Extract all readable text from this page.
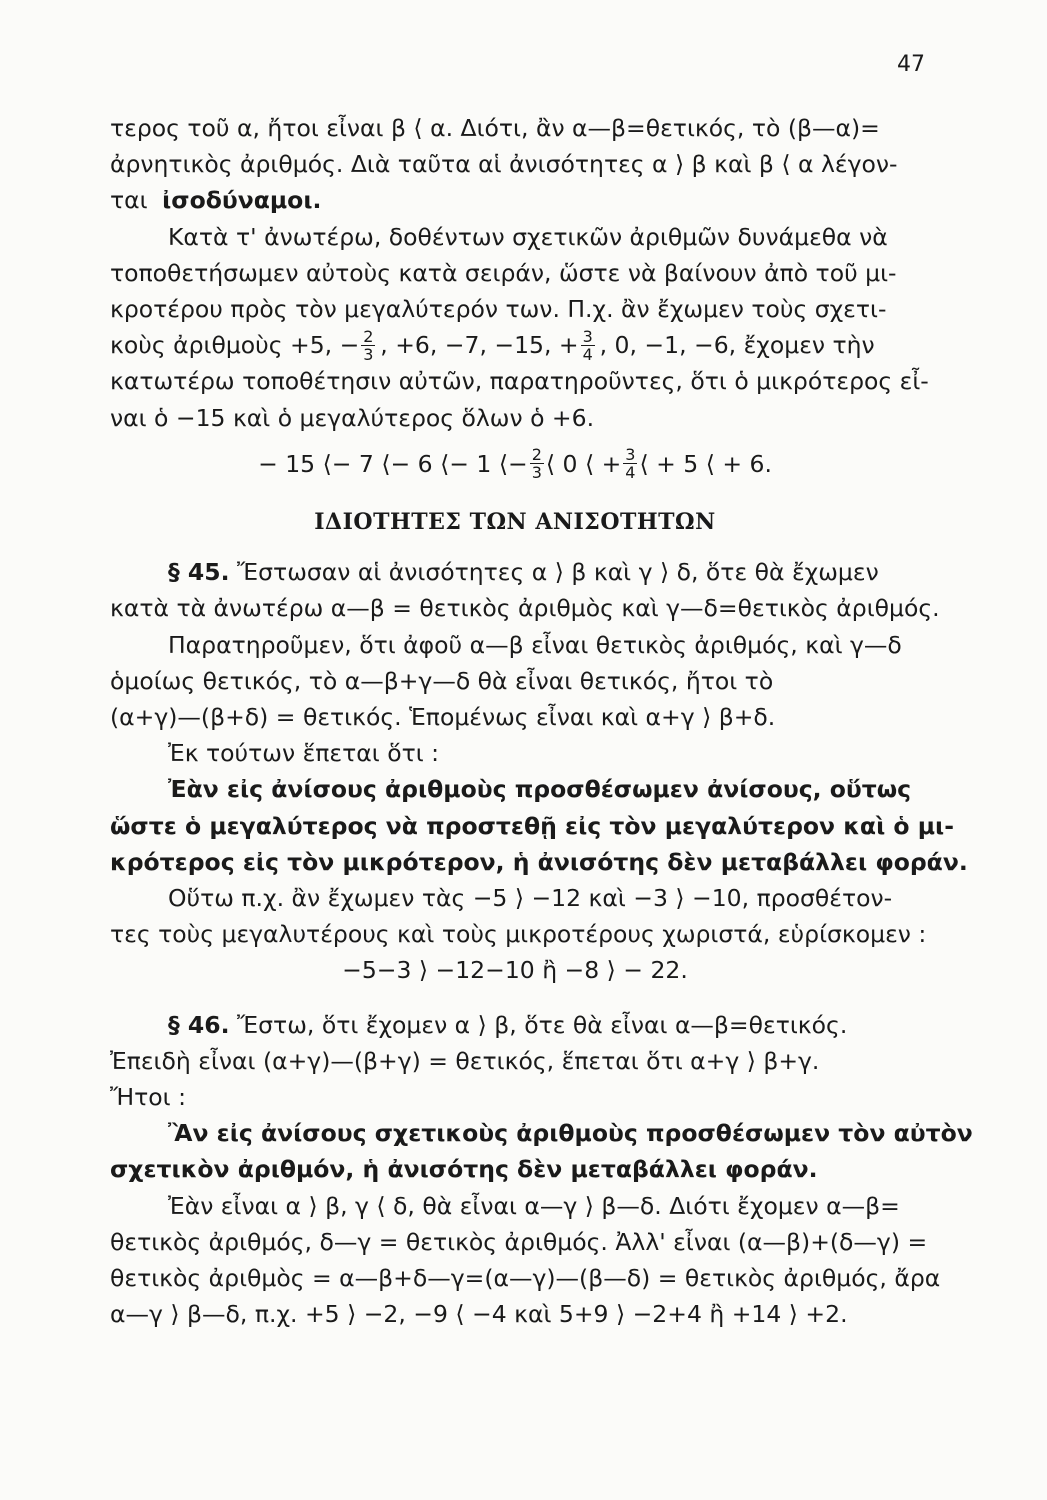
47
τερος τοῦ α, ἤτοι εἶναι β ⟨ α. Διότι, ἂν α—β=θετικός, τὸ (β—α)=
ἀρνητικὸς ἀριθμός. Διὰ ταῦτα αἱ ἀνισότητες α ⟩ β καὶ β ⟨ α λέγον-
ται ἰσοδύναμοι.
Κατὰ τ' ἀνωτέρω, δοθέντων σχετικῶν ἀριθμῶν δυνάμεθα νὰ
τοποθετήσωμεν αὐτοὺς κατὰ σειράν, ὥστε νὰ βαίνουν ἀπὸ τοῦ μι-
κροτέρου πρὸς τὸν μεγαλύτερόν των. Π.χ. ἂν ἔχωμεν τοὺς σχετι-
κοὺς ἀριθμοὺς +5, − $\frac{2}{3}$ , +6, −7, −15, + $\frac{3}{4}$ , 0, −1, −6, ἔχομεν τὴν
κατωτέρω τοποθέτησιν αὐτῶν, παρατηροῦντες, ὅτι ὁ μικρότερος εἶ-
ναι ὁ −15 καὶ ὁ μεγαλύτερος ὅλων ὁ +6.
− 15 ⟨− 7 ⟨− 6 ⟨− 1 ⟨− $\frac{2}{3}$ ⟨ 0 ⟨ + $\frac{3}{4}$ ⟨ + 5 ⟨ + 6.
ΙΔΙΟΤΗΤΕΣ ΤΩΝ ΑΝΙΣΟΤΗΤΩΝ
§ 45. Ἔστωσαν αἱ ἀνισότητες α ⟩ β καὶ γ ⟩ δ, ὅτε θὰ ἔχωμεν
κατὰ τὰ ἀνωτέρω α—β = θετικὸς ἀριθμὸς καὶ γ—δ=θετικὸς ἀριθμός.
Παρατηροῦμεν, ὅτι ἀφοῦ α—β εἶναι θετικὸς ἀριθμός, καὶ γ—δ
ὁμοίως θετικός, τὸ α—β+γ—δ θὰ εἶναι θετικός, ἤτοι τὸ
(α+γ)—(β+δ) = θετικός. Ἑπομένως εἶναι καὶ α+γ ⟩ β+δ.
Ἐκ τούτων ἕπεται ὅτι :
Ἐὰν εἰς ἀνίσους ἀριθμοὺς προσθέσωμεν ἀνίσους, οὕτως
ὥστε ὁ μεγαλύτερος νὰ προστεθῇ εἰς τὸν μεγαλύτερον καὶ ὁ μι-
κρότερος εἰς τὸν μικρότερον, ἡ ἀνισότης δὲν μεταβάλλει φοράν.
Οὕτω π.χ. ἂν ἔχωμεν τὰς −5 ⟩ −12 καὶ −3 ⟩ −10, προσθέτον-
τες τοὺς μεγαλυτέρους καὶ τοὺς μικροτέρους χωριστά, εὑρίσκομεν :
−5−3 ⟩ −12−10 ἢ −8 ⟩ − 22.
§ 46. Ἔστω, ὅτι ἔχομεν α ⟩ β, ὅτε θὰ εἶναι α—β=θετικός.
Ἐπειδὴ εἶναι (α+γ)—(β+γ) = θετικός, ἕπεται ὅτι α+γ ⟩ β+γ.
Ἤτοι :
Ἂν εἰς ἀνίσους σχετικοὺς ἀριθμοὺς προσθέσωμεν τὸν αὐτὸν
σχετικὸν ἀριθμόν, ἡ ἀνισότης δὲν μεταβάλλει φοράν.
Ἐὰν εἶναι α ⟩ β, γ ⟨ δ, θὰ εἶναι α—γ ⟩ β—δ. Διότι ἔχομεν α—β=
θετικὸς ἀριθμός, δ—γ = θετικὸς ἀριθμός. Ἀλλ' εἶναι (α—β)+(δ—γ) =
θετικὸς ἀριθμὸς = α—β+δ—γ=(α—γ)—(β—δ) = θετικὸς ἀριθμός, ἄρα
α—γ ⟩ β—δ, π.χ. +5 ⟩ −2, −9 ⟨ −4 καὶ 5+9 ⟩ −2+4 ἢ +14 ⟩ +2.
